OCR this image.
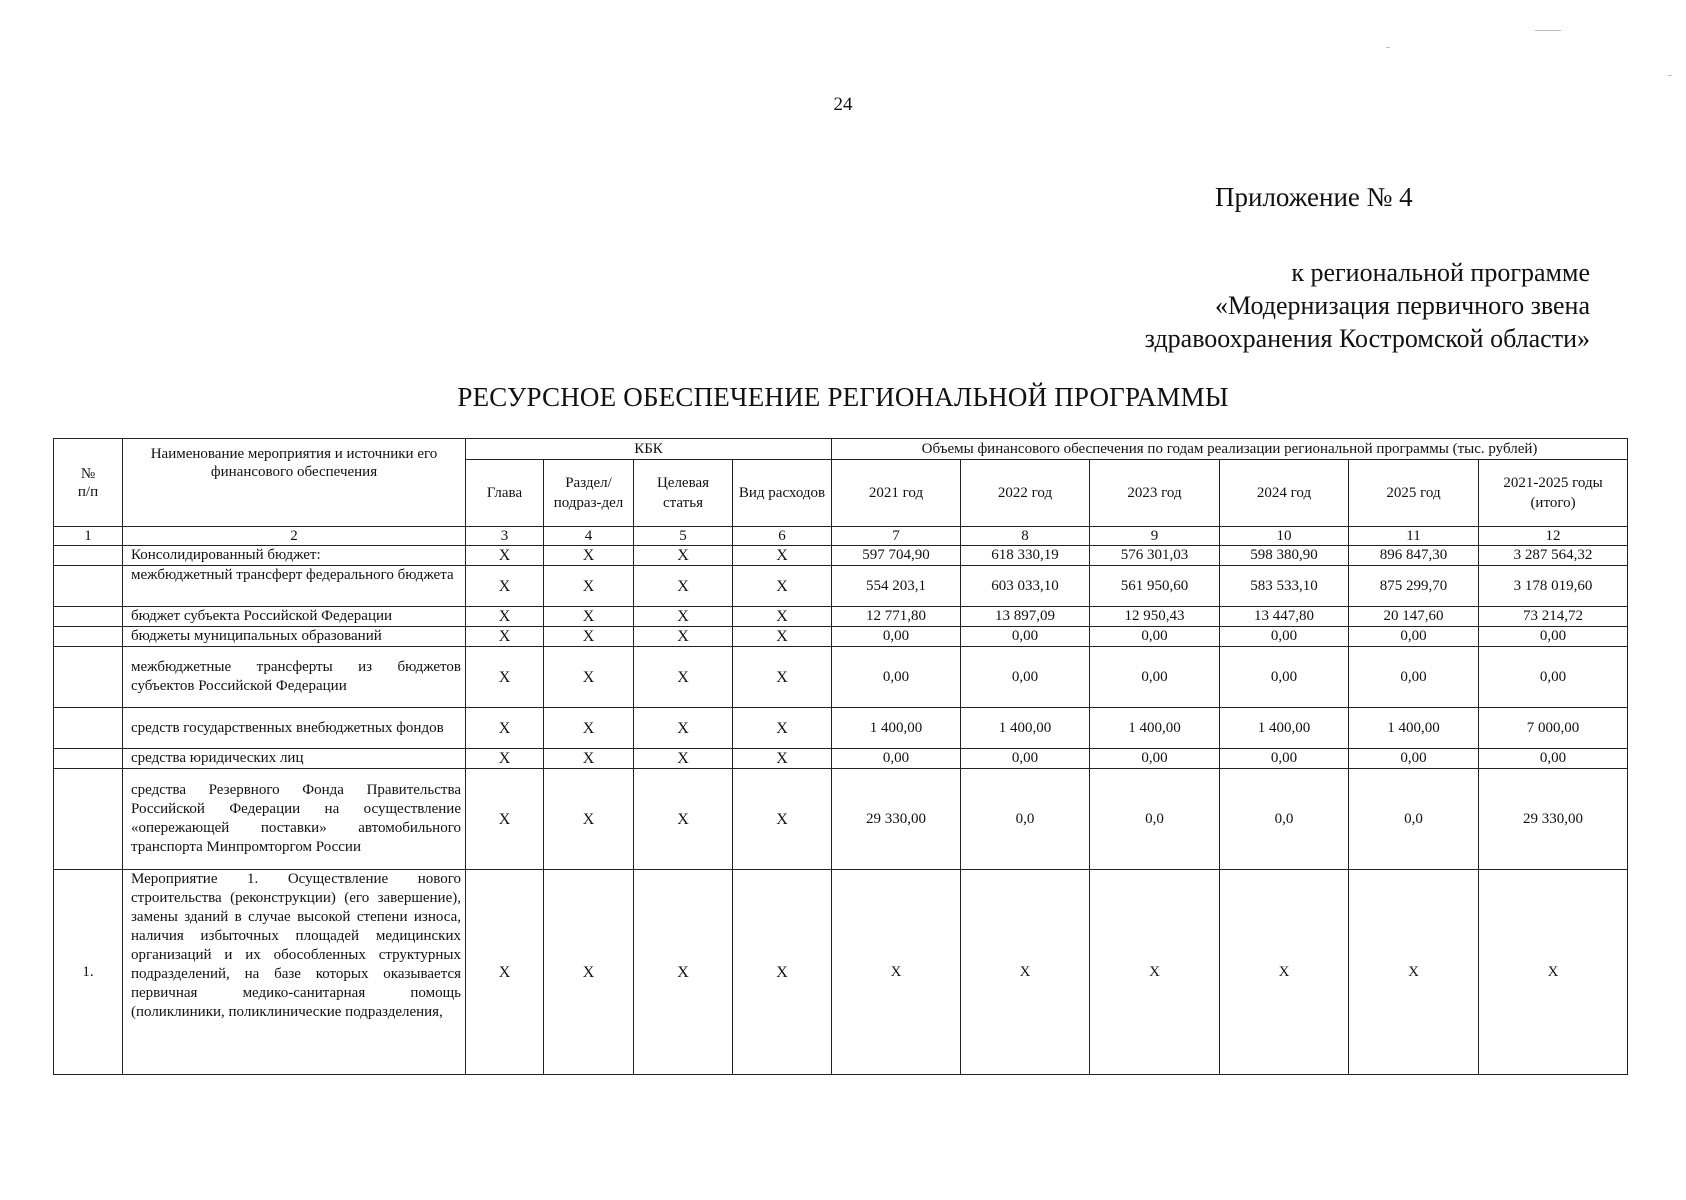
24
Приложение № 4
к региональной программе
«Модернизация первичного звена
здравоохранения Костромской области»
РЕСУРСНОЕ ОБЕСПЕЧЕНИЕ РЕГИОНАЛЬНОЙ ПРОГРАММЫ
№
п/п	Наименование мероприятия и источники его финансового обеспечения	КБК				Объемы финансового обеспечения по годам реализации региональной программы (тыс. рублей)					
		Глава	Раздел/ подраз-дел	Целевая статья	Вид расходов	2021 год	2022 год	2023 год	2024 год	2025 год	2021-2025 годы (итого)
1	2	3	4	5	6	7	8	9	10	11	12
	Консолидированный бюджет:	Х	Х	Х	Х	597 704,90	618 330,19	576 301,03	598 380,90	896 847,30	3 287 564,32
	межбюджетный трансферт федерального бюджета	Х	Х	Х	Х	554 203,1	603 033,10	561 950,60	583 533,10	875 299,70	3 178 019,60
	бюджет субъекта Российской Федерации	Х	Х	Х	Х	12 771,80	13 897,09	12 950,43	13 447,80	20 147,60	73 214,72
	бюджеты муниципальных образований	Х	Х	Х	Х	0,00	0,00	0,00	0,00	0,00	0,00
	межбюджетные трансферты из бюджетов субъектов Российской Федерации	Х	Х	Х	Х	0,00	0,00	0,00	0,00	0,00	0,00
	средств государственных внебюджетных фондов	Х	Х	Х	Х	1 400,00	1 400,00	1 400,00	1 400,00	1 400,00	7 000,00
	средства юридических лиц	Х	Х	Х	Х	0,00	0,00	0,00	0,00	0,00	0,00
	средства Резервного Фонда Правительства Российской Федерации на осуществление «опережающей поставки» автомобильного транспорта Минпромторгом России	Х	Х	Х	Х	29 330,00	0,0	0,0	0,0	0,0	29 330,00
1.	Мероприятие 1. Осуществление нового строительства (реконструкции) (его завершение), замены зданий в случае высокой степени износа, наличия избыточных площадей медицинских организаций и их обособленных структурных подразделений, на базе которых оказывается первичная медико-санитарная помощь (поликлиники, поликлинические подразделения,	Х	Х	Х	Х	Х	Х	Х	Х	Х	Х
